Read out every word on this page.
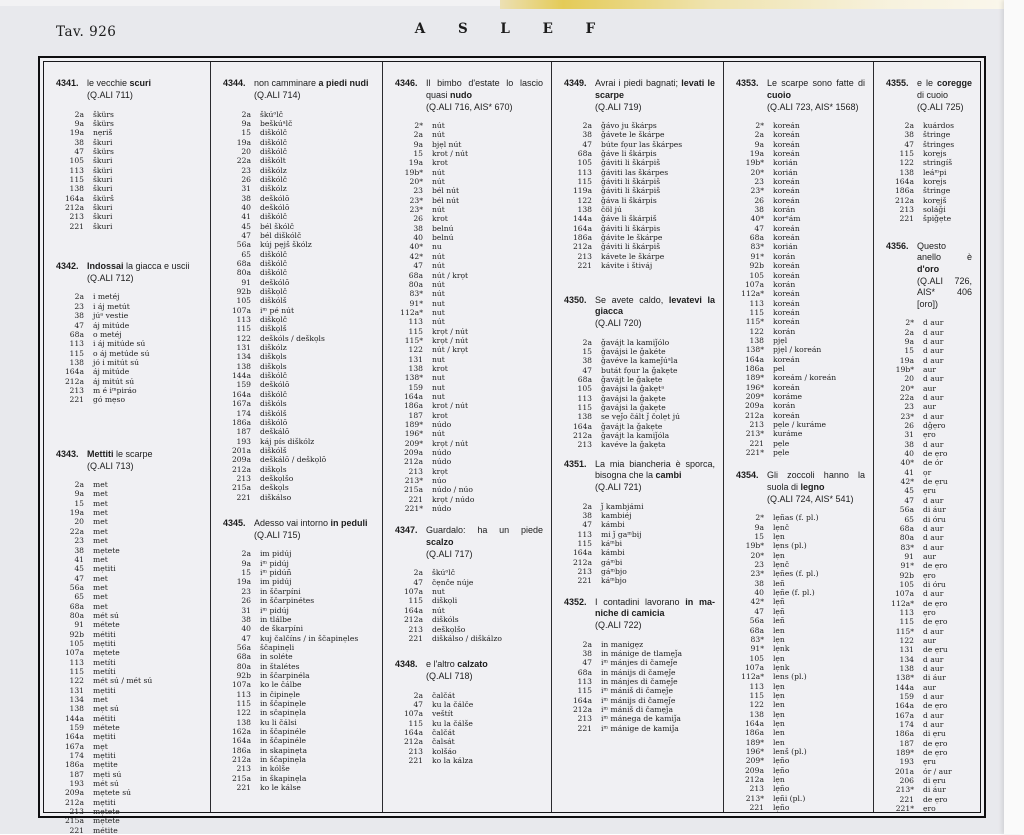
Tav. 926	A S L E F
4341. le vecchie scuri
(Q.ALI 711)
2a škürs
9a škürs
19a nẹriš
38 škuri
47 škürs
105 škuri
113 šküri
115 škuri
138 škuri
164a škürš
212a škuri
213 škuri
221 škuri
4342. Indossai la giacca e uscii
(Q.ALI 712)
2a i metéj
23 i áj metút
38 júᵃ vestie
47 áj mitúde
68a o metéj
113 i áj mitúde sú
115 o áj metúde sú
138 jó i mitút sú
164a áj mitúde
212a áj mitút sú
213 m é iᵐpiráo
221 gó mẹso
4343. Mettiti le scarpe
(Q.ALI 713)
2a met
9a met
15 met
19a met
20 met
22a met
23 met
38 mẹtete
41 met
45 mẹtiti
47 met
56a met
65 met
68a met
80a mét sú
91 métete
92b métiti
105 mẹtiti
107a mẹtete
113 metíti
115 metíti
122 mét sú / mét sú
131 mẹtiti
134 met
138 mẹt sú
144a métiti
159 métete
164a mẹtiti
167a mẹt
174 mẹtiti
186a mẹtite
187 mẹti sú
193 mét sú
209a mẹtete sú
212a mẹtiti
213 mẹtete
215a mẹtete
221 métite
4344. non camminare a piedi nudi
(Q.ALI 714)
2a škúᵒlč
9a beškúᵃlč
15 diškólč
19a diškólč
20 diškólč
22a diškólt
23 diškólz
26 diškólč
31 diškólz
38 deškólō
40 deškólō
41 diškólč
45 bél škólč
47 bél diškólč
56a kúj pẹjš škólz
65 diškólč
68a diškólč
80a diškólč
91 deškólō
92b diškọlč
105 diškólš
107a iᵐ pé nút
113 diškọlč
115 diškọlš
122 deškóls / deškọls
131 diškólz
134 diškọls
138 diškọls
144a diškólč
159 deškólō
164a diškólč
167a diškóls
174 diškólš
186a diškólō
187 deškálō
193 káj pís diškólz
201a diškólš
209a deškálō / deškọlō
212a diškọls
213 deškọlšo
215a deškọls
221 diškálso
4345. Adesso vai intorno in peduli
(Q.ALI 715)
2a im pidúj
9a iᵐ pidúj
15 iᵐ pidúñ
19a im pidúj
23 in ščarpíni
26 in ščarpinétes
31 iᵐ pidúj
38 in tlálbe
40 de škarpíni
47 kuj čalčíns / in ščapinẹles
56a ščapinẹli
68a in soléte
80a in štalétes
92b in ščarpinéla
107a ko le čálbe
113 in čipinẹle
115 in ščapinẹle
122 in sčapinẹla
138 ku li čálsi
162a in ščapinéle
164a in ščapinéle
186a in skapinẹta
212a in ščapinẹla
213 in kólše
215a in škapinẹla
221 ko le kálse
4346. Il bimbo d'estate lo lascio quasi nudo
(Q.ALI 716, AIS* 670)
2* nút
2a nút
9a bjẹl nút
15 krot / nút
19a krot
19b* nút
20* nút
23 bél nút
23* bél nút
23* nút
26 krot
38 belnú
40 belnú
40* nu
42* nút
47 nút
68a nút / krọt
80a nút
83* nút
91* nut
112a* nut
113 nút
115 krọt / nút
115* krọt / nút
122 nút / krọt
131 nut
138 krot
138* nut
159 nut
164a nut
186a krot / nút
187 krot
189* núdo
196* nút
209* krọt / nút
209a núdo
212a núdo
213 krọt
213* núo
215a núdo / núo
221 krọt / núdo
221* núdo
4347. Guardalo: ha un piede scalzo
(Q.ALI 717)
2a škúᵒlč
47 čẹnče núje
107a nut
115 diškọli
164a nút
212a diškóls
213 deškọlšo
221 diškálso / diškálzo
4348. e l'altro calzato
(Q.ALI 718)
2a čalčát
47 ku la čálče
107a veštít
115 ku la čálše
164a čalčát
212a čalsát
213 kolšáo
221 ko la kálza
4349. Avrai i piedi bagnati; levati le scarpe
(Q.ALI 719)
2a ǧávo ju škárps
38 ǧávete le škárpe
47 búte fọur las škárpes
68a ǧáve li škárpis
105 ǧáviti li škárpiš
113 ǧáviti las škárpes
115 ǧáviti li škárpiš
119a ǧáviti li škárpiš
122 ǧáva li škárpis
138 čöl jú
144a ǧáve li škárpiš
164a ǧáviti li škárpis
186a ǧávite le škárpe
212a ǧáviti li škárpiš
213 kávete le škárpe
221 kávite i štiváj
4350. Se avete caldo, levatevi la giacca
(Q.ALI 720)
2a ǧavájt la kamiǰólo
15 ǧavájsi le ǧakéte
38 ǧavéve la kameǰúᵃla
47 butát fọur la ǧakẹte
68a ǧavájt le ǧakẹte
105 ǧavájsi la ǧakẹtᵃ
113 ǧavájsi la ǧakẹte
115 ǧavájsi la ǧakẹte
138 se vẹǰo čált ǰ čolẹt jú
164a ǧavájt la ǧakẹte
212a ǧavájt la kamiǰóla
213 kavéve la ǧakẹta
4351. La mia biancheria è sporca, bisogna che la cambi
(Q.ALI 721)
2a ǰ kambjámi
38 kambiéj
47 kámbi
113 mi ǰ gaᵐbij
115 káᵐbi
164a kámbi
212a gáᵐbi
213 gáᵐbjo
221 káᵐbjo
4352. I contadini lavorano in ma-niche di camicia
(Q.ALI 722)
2a in manigẹz
38 in mánige de tlamẹǰa
47 iᵐ mánjes di čamẹǰe
68a in mánijs di čamẹǰe
113 in mánjes di čamẹǰe
115 iᵐ mániš di čamẹǰe
164a iᵐ mánijs di čamẹǰe
212a iᵐ mániš di čamẹǰa
213 iᵐ mánega de kamiǰa
221 iᵐ mánige de kamiǰa
4353. Le scarpe sono fatte di cuoio
(Q.ALI 723, AIS* 1568)
2* koreán
2a koreán
9a koreán
19a koreán
19b* korián
20* korián
23 koreán
23* koreán
26 koreán
38 korán
40* korᵉám
47 koreán
68a koreán
83* korián
91* korán
92b koreán
105 koreán
107a korán
112a* koreán
113 koreán
115 koreán
115* koreán
122 korán
138 pjẹl
138* pjẹl / koreán
164a koreán
186a pel
189* koreám / koreán
196* koreán
209* koráme
209a korán
212a koreán
213 pẹle / kuráme
213* kuráme
221 pẹle
221* pẹle
4354. Gli zoccoli hanno la suola di legno
(Q.ALI 724, AIS* 541)
2* lẹñas (f. pl.)
9a lẹnč
15 lẹn
19b* lẹns (pl.)
20* lẹn
23 lẹnč
23* lẹñes (f. pl.)
38 leñ
40 lẹñe (f. pl.)
42* lẹñ
47 lẹñ
56a leñ
68a len
83* lẹn
91* lẹnk
105 lẹn
107a lẹnk
112a* lens (pl.)
113 lẹn
115 lẹn
122 len
138 lẹn
164a lẹn
186a len
189* len
196* lenš (pl.)
209* lẹño
209a lẹño
212a lẹn
213 lẹño
213* lẹñi (pl.)
221 lẹño
4355. e le coregge di cuoio
(Q.ALI 725)
2a kuárdos
38 štringe
47 štringes
115 korẹjs
122 stringíš
138 leáᵐpi
164a korẹjs
186a štringe
212a korẹjš
213 soláǧi
221 špiǧẹte
4356. Questo anello è d'oro
(Q.ALI 726, AIS* 406 [oro])
2* d aur
2a d aur
9a d aur
15 d aur
19a d aur
19b* aur
20 d aur
20* aur
22a d aur
23 aur
23* d aur
26 dǧẹro
31 ẹro
38 d aur
40 de ẹro
40* de ór
41 ọr
42* de ẹru
45 ẹru
47 d aur
56a di áur
65 di óru
68a d aur
80a d aur
83* d aur
91 aur
91* de ẹro
92b ẹro
105 di óru
107a d aur
112a* de ẹro
113 ẹro
115 de ẹro
115* d aur
122 aur
131 de ẹru
134 d aur
138 d aur
138* di áur
144a aur
159 d aur
164a de ẹro
167a d aur
174 d aur
186a di ẹru
187 de ẹro
189* de ẹro
193 ẹru
201a ór / aur
206 di ẹru
213* di áur
221 de ẹro
221* ẹro
